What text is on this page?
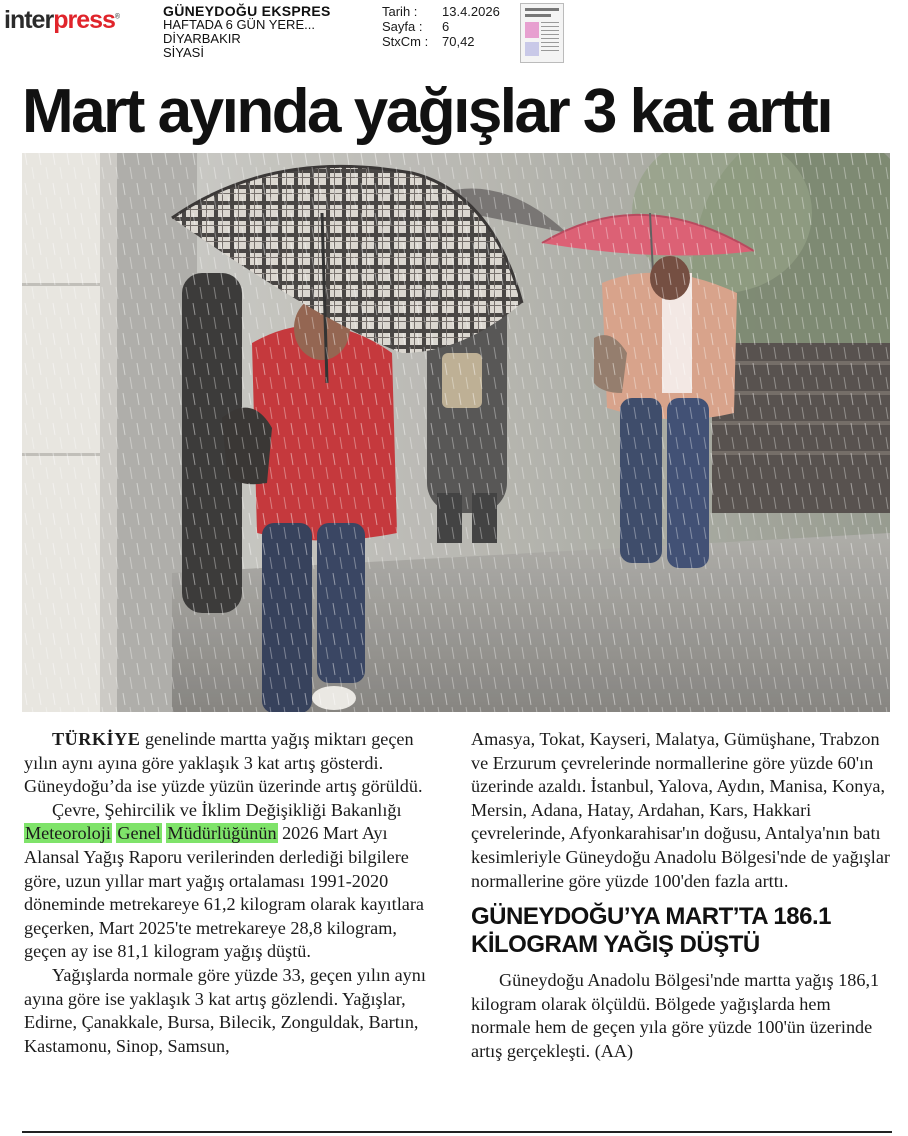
interpress®	GÜNEYDOĞU EKSPRES
HAFTADA 6 GÜN YERE...
DİYARBAKIR
SİYASİ
Tarih :	13.4.2026
Sayfa :	6
StxCm :	70,42
Mart ayında yağışlar 3 kat arttı

TÜRKİYE genelinde martta yağış miktarı geçen yılın aynı ayına göre yaklaşık 3 kat artış gösterdi. Güneydoğu’da ise yüzde yüzün üzerinde artış görüldü.

Çevre, Şehircilik ve İklim Değişikliği Bakanlığı Meteoroloji Genel Müdürlüğünün 2026 Mart Ayı Alansal Yağış Raporu verilerinden derlediği bilgilere göre, uzun yıllar mart yağış ortalaması 1991-2020 döneminde metrekareye 61,2 kilogram olarak kayıtlara geçerken, Mart 2025'te metrekareye 28,8 kilogram, geçen ay ise 81,1 kilogram yağış düştü.

Yağışlarda normale göre yüzde 33, geçen yılın aynı ayına göre ise yaklaşık 3 kat artış gözlendi. Yağışlar, Edirne, Çanakkale, Bursa, Bilecik, Zonguldak, Bartın, Kastamonu, Sinop, Samsun,

Amasya, Tokat, Kayseri, Malatya, Gümüşhane, Trabzon ve Erzurum çevrelerinde normallerine göre yüzde 60'ın üzerinde azaldı. İstanbul, Yalova, Aydın, Manisa, Konya, Mersin, Adana, Hatay, Ardahan, Kars, Hakkari çevrelerinde, Afyonkarahisar'ın doğusu, Antalya'nın batı kesimleriyle Güneydoğu Anadolu Bölgesi'nde de yağışlar normallerine göre yüzde 100'den fazla arttı.

GÜNEYDOĞU’YA MART’TA 186.1 KİLOGRAM YAĞIŞ DÜŞTÜ

Güneydoğu Anadolu Bölgesi'nde martta yağış 186,1 kilogram olarak ölçüldü. Bölgede yağışlarda hem normale hem de geçen yıla göre yüzde 100'ün üzerinde artış gerçekleşti. (AA)
